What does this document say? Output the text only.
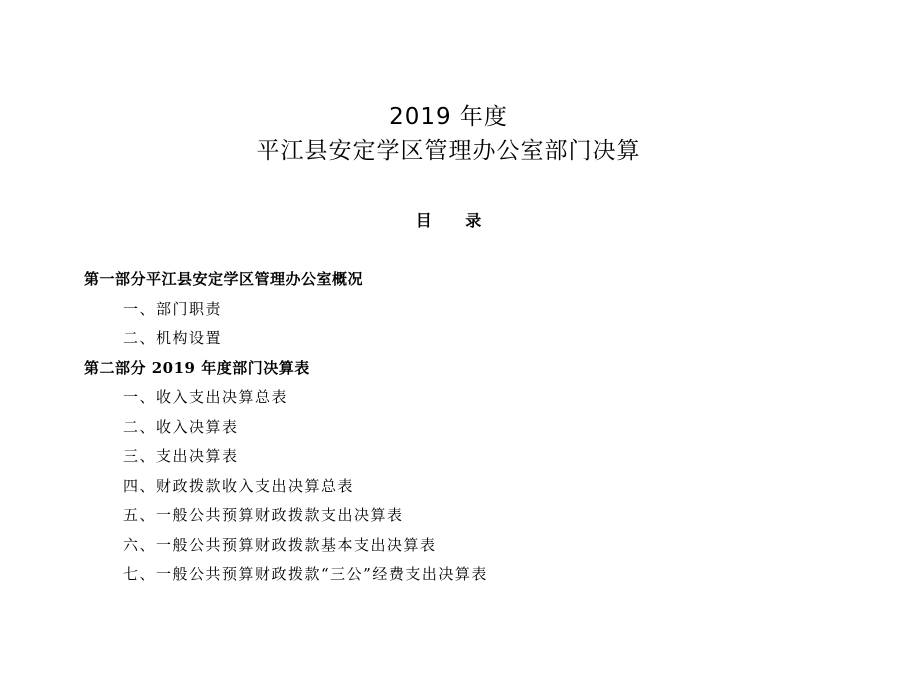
2019 年度
平江县安定学区管理办公室部门决算
目 录
第一部分平江县安定学区管理办公室概况
一、部门职责
二、机构设置
第二部分 2019 年度部门决算表
一、收入支出决算总表
二、收入决算表
三、支出决算表
四、财政拨款收入支出决算总表
五、一般公共预算财政拨款支出决算表
六、一般公共预算财政拨款基本支出决算表
七、一般公共预算财政拨款“三公”经费支出决算表
